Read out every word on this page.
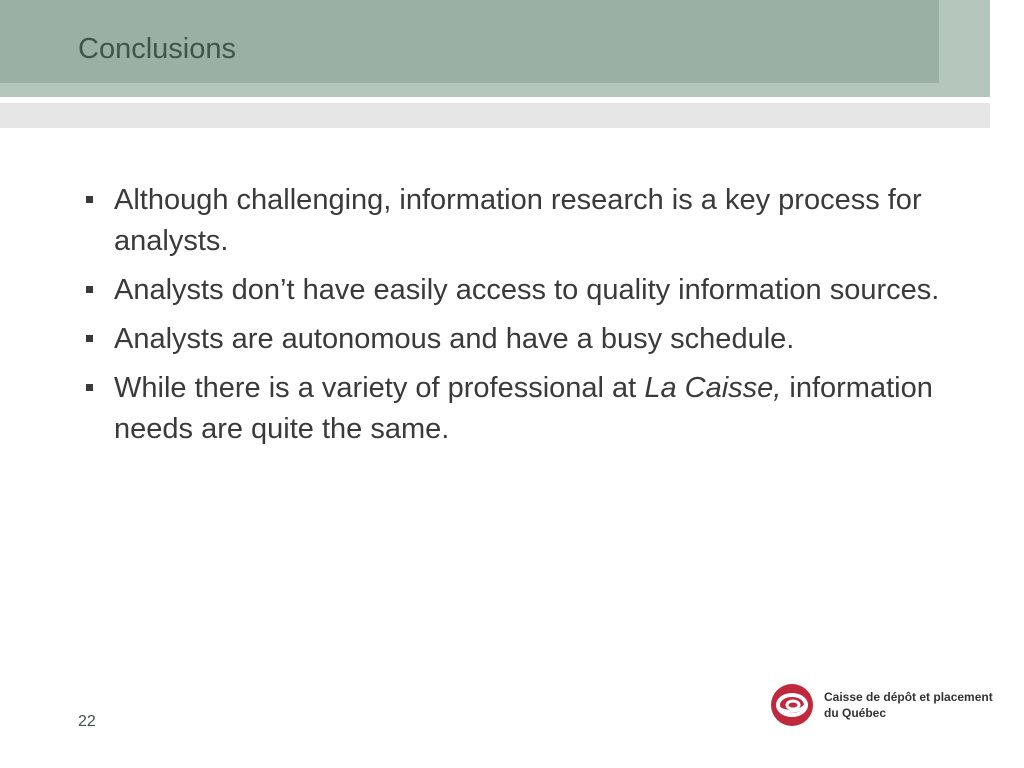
Conclusions
Although challenging, information research is a key process for analysts.
Analysts don’t have easily access to quality information sources.
Analysts are autonomous and have a busy schedule.
While there is a variety of professional at La Caisse, information needs are quite the same.
22
Caisse de dépôt et placement
du Québec
